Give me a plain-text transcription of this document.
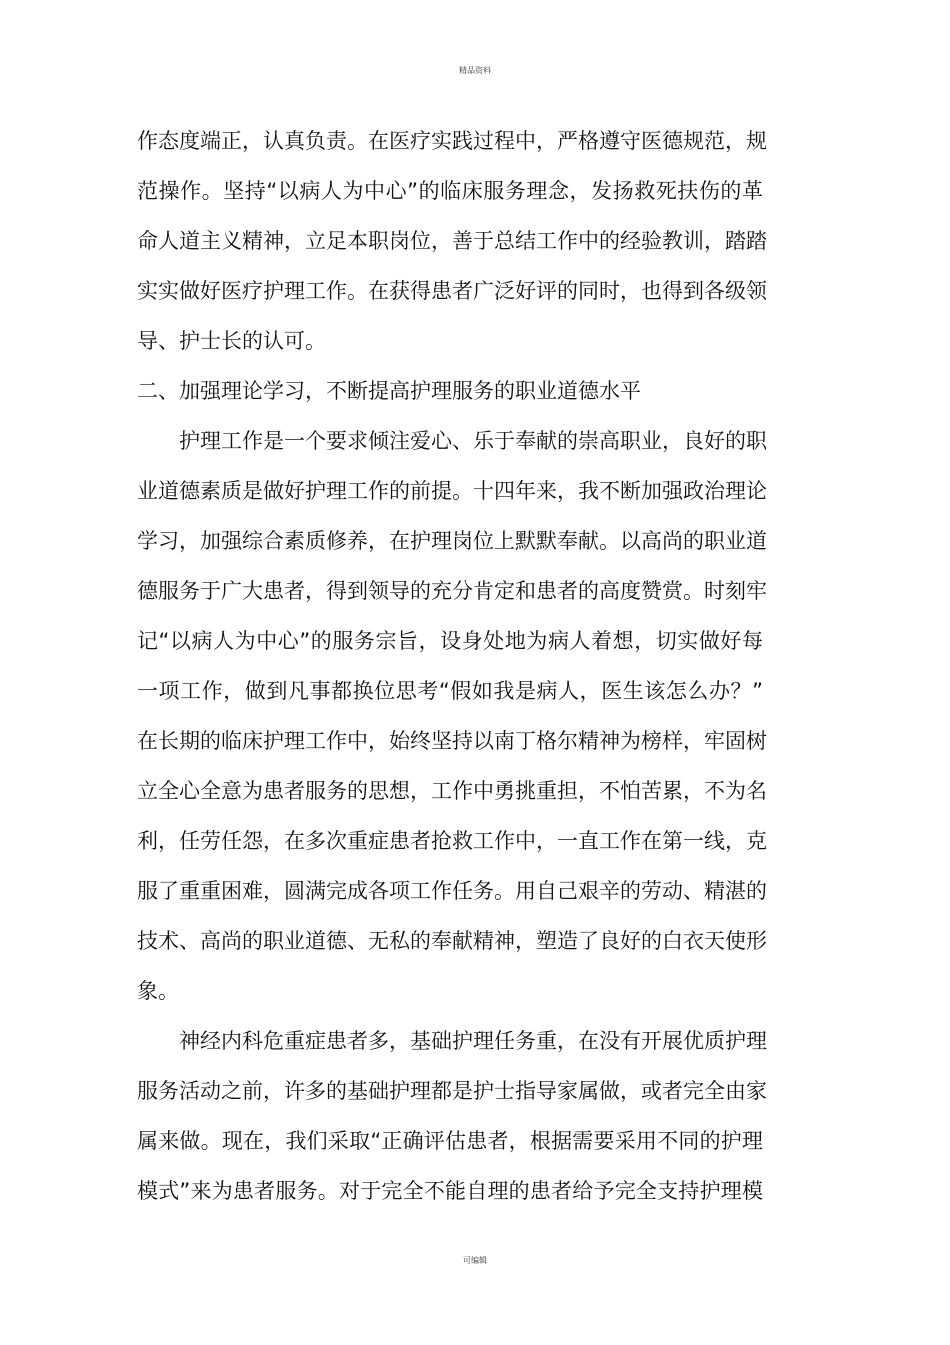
精品资料
作态度端正，认真负责。在医疗实践过程中，严格遵守医德规范，规
范操作。坚持“以病人为中心”的临床服务理念，发扬救死扶伤的革
命人道主义精神，立足本职岗位，善于总结工作中的经验教训，踏踏
实实做好医疗护理工作。在获得患者广泛好评的同时，也得到各级领
导、护士长的认可。
二、加强理论学习，不断提高护理服务的职业道德水平
护理工作是一个要求倾注爱心、乐于奉献的崇高职业，良好的职
业道德素质是做好护理工作的前提。十四年来，我不断加强政治理论
学习，加强综合素质修养，在护理岗位上默默奉献。以高尚的职业道
德服务于广大患者，得到领导的充分肯定和患者的高度赞赏。时刻牢
记“以病人为中心”的服务宗旨，设身处地为病人着想，切实做好每
一项工作，做到凡事都换位思考“假如我是病人，医生该怎么办？”
在长期的临床护理工作中，始终坚持以南丁格尔精神为榜样，牢固树
立全心全意为患者服务的思想，工作中勇挑重担，不怕苦累，不为名
利，任劳任怨，在多次重症患者抢救工作中，一直工作在第一线，克
服了重重困难，圆满完成各项工作任务。用自己艰辛的劳动、精湛的
技术、高尚的职业道德、无私的奉献精神，塑造了良好的白衣天使形
象。
神经内科危重症患者多，基础护理任务重，在没有开展优质护理
服务活动之前，许多的基础护理都是护士指导家属做，或者完全由家
属来做。现在，我们采取“正确评估患者，根据需要采用不同的护理
模式”来为患者服务。对于完全不能自理的患者给予完全支持护理模
可编辑
